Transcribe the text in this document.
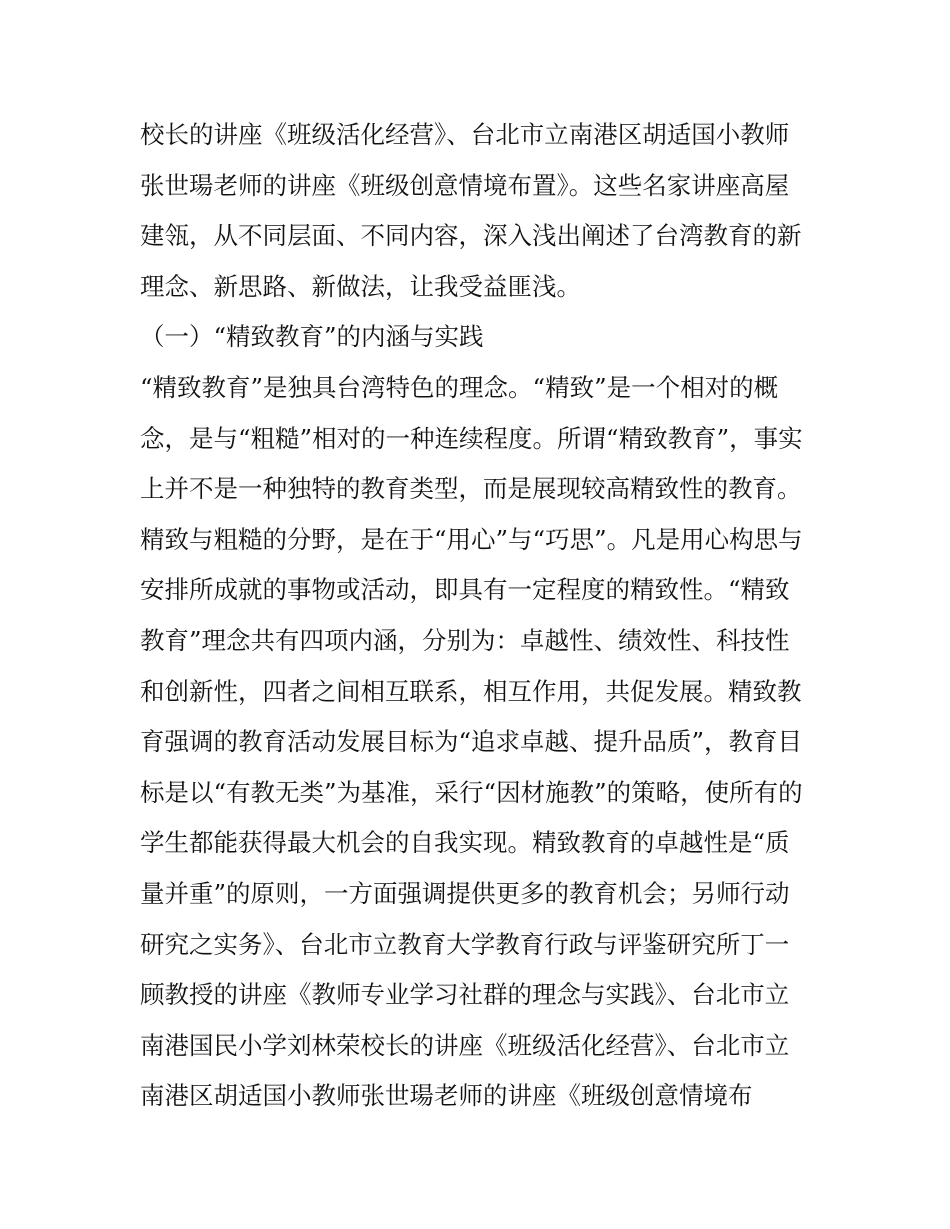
校长的讲座《班级活化经营》、台北市立南港区胡适国小教师
张世瑒老师的讲座《班级创意情境布置》。这些名家讲座高屋
建瓴，从不同层面、不同内容，深入浅出阐述了台湾教育的新
理念、新思路、新做法，让我受益匪浅。
（一）“精致教育”的内涵与实践
“精致教育”是独具台湾特色的理念。“精致”是一个相对的概
念，是与“粗糙”相对的一种连续程度。所谓“精致教育”，事实
上并不是一种独特的教育类型，而是展现较高精致性的教育。
精致与粗糙的分野，是在于“用心”与“巧思”。凡是用心构思与
安排所成就的事物或活动，即具有一定程度的精致性。“精致
教育”理念共有四项内涵，分别为：卓越性、绩效性、科技性
和创新性，四者之间相互联系，相互作用，共促发展。精致教
育强调的教育活动发展目标为“追求卓越、提升品质”，教育目
标是以“有教无类”为基准，采行“因材施教”的策略，使所有的
学生都能获得最大机会的自我实现。精致教育的卓越性是“质
量并重”的原则，一方面强调提供更多的教育机会；另师行动
研究之实务》、台北市立教育大学教育行政与评鉴研究所丁一
顾教授的讲座《教师专业学习社群的理念与实践》、台北市立
南港国民小学刘林荣校长的讲座《班级活化经营》、台北市立
南港区胡适国小教师张世瑒老师的讲座《班级创意情境布
